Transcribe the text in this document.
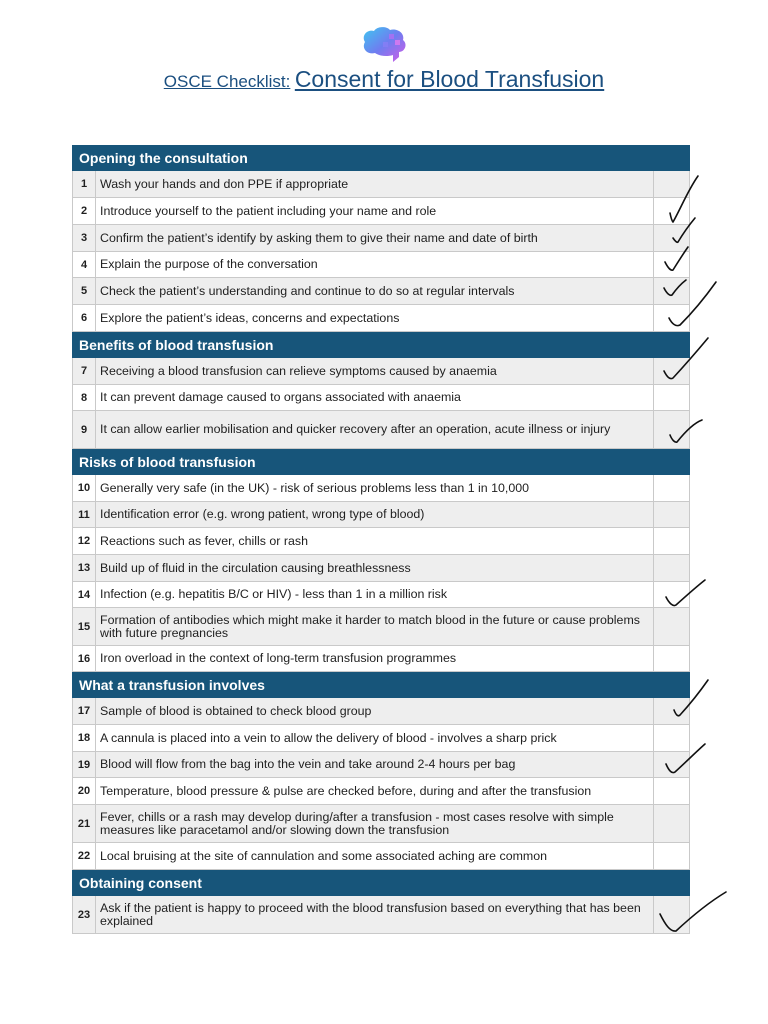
OSCE Checklist: Consent for Blood Transfusion
Opening the consultation
1	Wash your hands and don PPE if appropriate
2	Introduce yourself to the patient including your name and role
3	Confirm the patient’s identify by asking them to give their name and date of birth
4	Explain the purpose of the conversation
5	Check the patient’s understanding and continue to do so at regular intervals
6	Explore the patient’s ideas, concerns and expectations
Benefits of blood transfusion
7	Receiving a blood transfusion can relieve symptoms caused by anaemia
8	It can prevent damage caused to organs associated with anaemia
9	It can allow earlier mobilisation and quicker recovery after an operation, acute illness or injury
Risks of blood transfusion
10 Generally very safe (in the UK) - risk of serious problems less than 1 in 10,000
11 Identification error (e.g. wrong patient, wrong type of blood)
12 Reactions such as fever, chills or rash
13 Build up of fluid in the circulation causing breathlessness
14 Infection (e.g. hepatitis B/C or HIV) - less than 1 in a million risk
15 Formation of antibodies which might make it harder to match blood in the future or cause problems with future pregnancies
16 Iron overload in the context of long-term transfusion programmes
What a transfusion involves
17 Sample of blood is obtained to check blood group
18 A cannula is placed into a vein to allow the delivery of blood - involves a sharp prick
19 Blood will flow from the bag into the vein and take around 2-4 hours per bag
20 Temperature, blood pressure & pulse are checked before, during and after the transfusion
21 Fever, chills or a rash may develop during/after a transfusion - most cases resolve with simple measures like paracetamol and/or slowing down the transfusion
22 Local bruising at the site of cannulation and some associated aching are common
Obtaining consent
23 Ask if the patient is happy to proceed with the blood transfusion based on everything that has been explained
